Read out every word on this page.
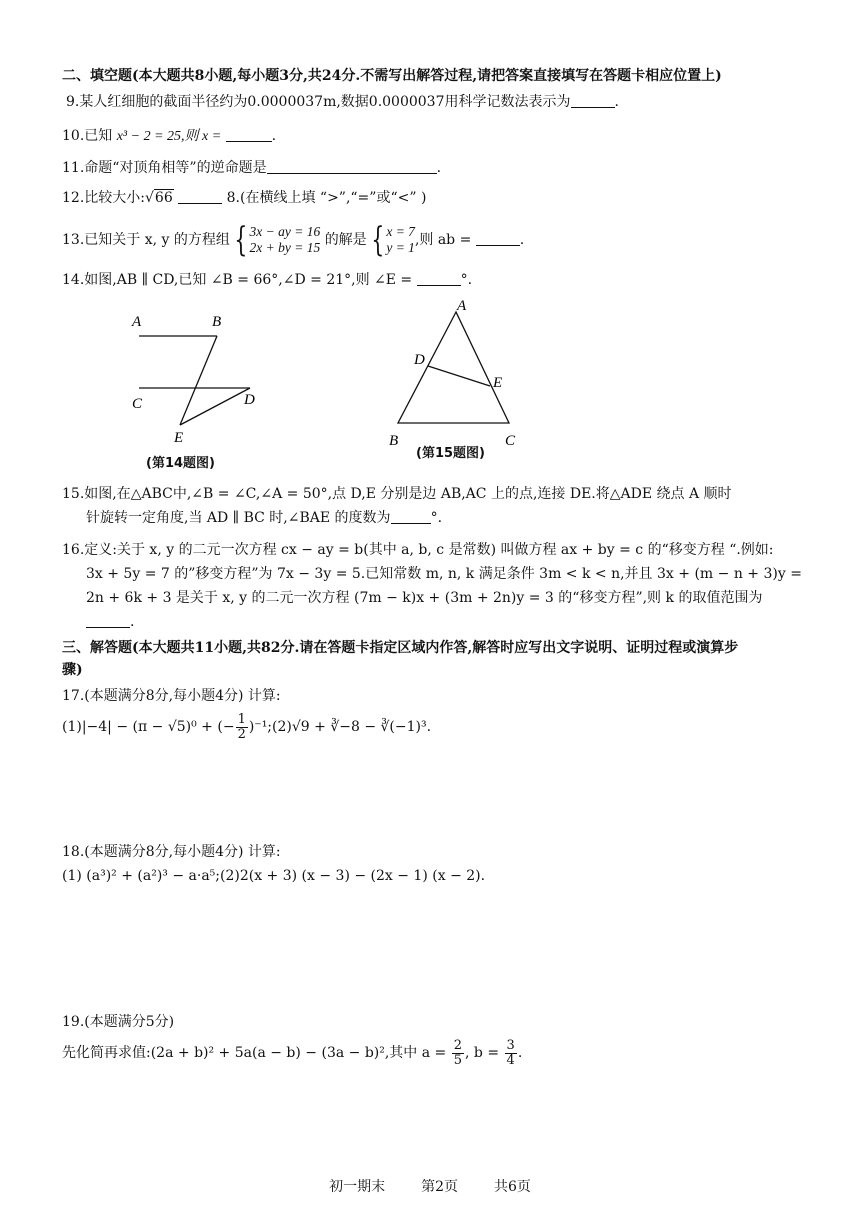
二、填空题(本大题共8小题,每小题3分,共24分.不需写出解答过程,请把答案直接填写在答题卡相应位置上)
9.某人红细胞的截面半径约为0.0000037m,数据0.0000037用科学记数法表示为	.
10.已知 x³ − 2 = 25,则 x =	.
11.命题“对顶角相等”的逆命题是	.
12.比较大小:√66	8.(在横线上填 “>”,“=”或“<” )
13.已知关于 x, y 的方程组 { 3x − ay = 16
2x + by = 15 的解是 { x = 7
y = 1 ,则 ab =	.
14.如图,AB ∥ CD,已知 ∠B = 66°,∠D = 21°,则 ∠E =	°.
A	B
C	D
E
(第14题图)
A
D
E
B	C
(第15题图)
15.如图,在△ABC中,∠B = ∠C,∠A = 50°,点 D,E 分别是边 AB,AC 上的点,连接 DE.将△ADE 绕点 A 顺时
针旋转一定角度,当 AD ∥ BC 时,∠BAE 的度数为	°.
16.定义:关于 x, y 的二元一次方程 cx − ay = b(其中 a, b, c 是常数) 叫做方程 ax + by = c 的“移变方程 “.例如:
3x + 5y = 7 的”移变方程”为 7x − 3y = 5.已知常数 m, n, k 满足条件 3m < k < n,并且 3x + (m − n + 3)y =
2n + 6k + 3 是关于 x, y 的二元一次方程 (7m − k)x + (3m + 2n)y = 3 的“移变方程”,则 k 的取值范围为
.
三、解答题(本大题共11小题,共82分.请在答题卡指定区域内作答,解答时应写出文字说明、证明过程或演算步
骤)
17.(本题满分8分,每小题4分) 计算:
(1)|−4| − (π − √5)⁰ + (− $\frac{1}{2}$ )⁻¹;(2)√9 + ∛−8 − ∛(−1)³.
18.(本题满分8分,每小题4分) 计算:
(1) (a³)² + (a²)³ − a·a⁵;(2)2(x + 3) (x − 3) − (2x − 1) (x − 2).
19.(本题满分5分)
先化简再求值:(2a + b)² + 5a(a − b) − (3a − b)²,其中 $a = \frac{2}{5}$ , $b = \frac{3}{4}$ .
初一期末	第2页	共6页
